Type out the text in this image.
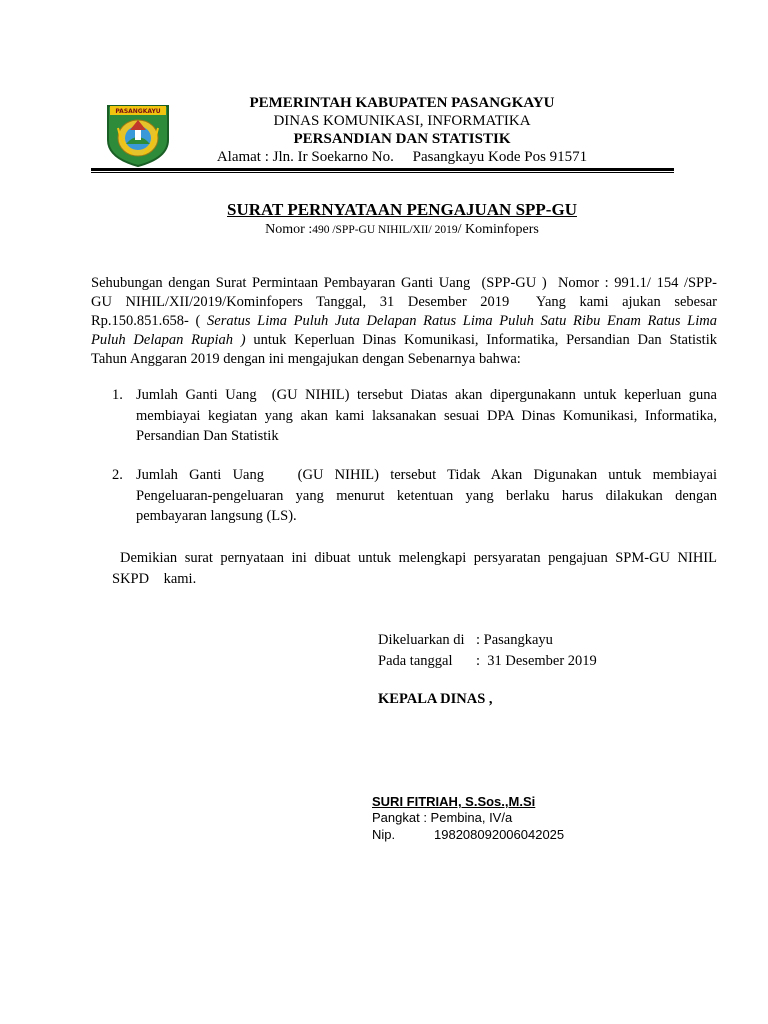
PASANGKAYU
PEMERINTAH KABUPATEN PASANGKAYU
DINAS KOMUNIKASI, INFORMATIKA
PERSANDIAN DAN STATISTIK
Alamat : Jln. Ir Soekarno No.     Pasangkayu Kode Pos 91571
SURAT PERNYATAAN PENGAJUAN SPP-GU
Nomor :490 /SPP-GU NIHIL/XII/ 2019/ Kominfopers
Sehubungan dengan Surat Permintaan Pembayaran Ganti Uang  (SPP-GU )  Nomor : 991.1/ 154 /SPP-
GU NIHIL/XII/2019/Kominfopers Tanggal, 31 Desember 2019  Yang kami ajukan sebesar
Rp.150.851.658- ( Seratus Lima Puluh Juta Delapan Ratus Lima Puluh Satu Ribu Enam Ratus Lima
Puluh Delapan Rupiah ) untuk Keperluan Dinas Komunikasi, Informatika, Persandian Dan Statistik
Tahun Anggaran 2019 dengan ini mengajukan dengan Sebenarnya bahwa:
1. Jumlah Ganti Uang  (GU NIHIL) tersebut Diatas akan dipergunakann untuk keperluan guna
membiayai kegiatan yang akan kami laksanakan sesuai DPA Dinas Komunikasi, Informatika,
Persandian Dan Statistik
2. Jumlah Ganti Uang   (GU NIHIL) tersebut Tidak Akan Digunakan untuk membiayai
Pengeluaran-pengeluaran yang menurut ketentuan yang berlaku harus dilakukan dengan
pembayaran langsung (LS).
Demikian surat pernyataan ini dibuat untuk melengkapi persyaratan pengajuan SPM-GU NIHIL
SKPD    kami.
Dikeluarkan di : Pasangkayu
Pada tanggal :  31 Desember 2019
KEPALA DINAS ,
SURI FITRIAH, S.Sos.,M.Si
Pangkat : Pembina, IV/a
Nip.	198208092006042025
